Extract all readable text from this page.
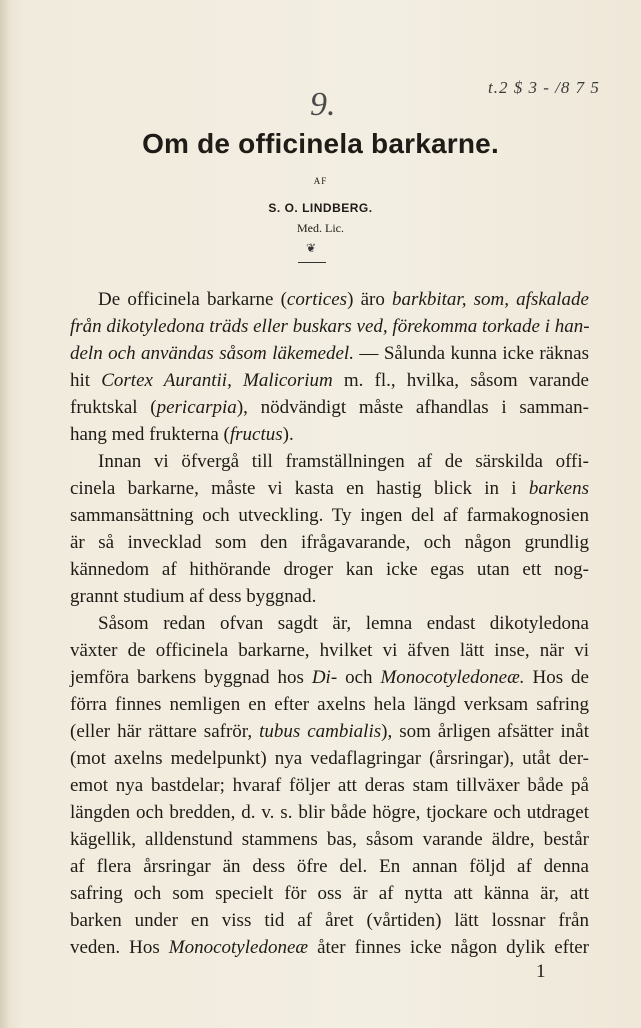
9.	t.2 $ 3 - /8 7 5
Om de officinela barkarne.
AF
S. O. LINDBERG.
Med. Lic.
❦
De officinela barkarne (cortices) äro barkbitar, som, afskalade
från dikotyledona träds eller buskars ved, förekomma torkade i han-
deln och användas såsom läkemedel. — Sålunda kunna icke räknas
hit Cortex Aurantii, Malicorium m. fl., hvilka, såsom varande
fruktskal (pericarpia), nödvändigt måste afhandlas i samman-
hang med frukterna (fructus).
Innan vi öfvergå till framställningen af de särskilda offi-
cinela barkarne, måste vi kasta en hastig blick in i barkens
sammansättning och utveckling. Ty ingen del af farmakognosien
är så invecklad som den ifrågavarande, och någon grundlig
kännedom af hithörande droger kan icke egas utan ett nog-
grannt studium af dess byggnad.
Såsom redan ofvan sagdt är, lemna endast dikotyledona
växter de officinela barkarne, hvilket vi äfven lätt inse, när vi
jemföra barkens byggnad hos Di- och Monocotyledoneæ. Hos de
förra finnes nemligen en efter axelns hela längd verksam safring
(eller här rättare safrör, tubus cambialis), som årligen afsätter inåt
(mot axelns medelpunkt) nya vedaflagringar (årsringar), utåt der-
emot nya bastdelar; hvaraf följer att deras stam tillväxer både på
längden och bredden, d. v. s. blir både högre, tjockare och utdraget
kägellik, alldenstund stammens bas, såsom varande äldre, består
af flera årsringar än dess öfre del. En annan följd af denna
safring och som specielt för oss är af nytta att känna är, att
barken under en viss tid af året (vårtiden) lätt lossnar från
veden. Hos Monocotyledoneæ åter finnes icke någon dylik efter
1
